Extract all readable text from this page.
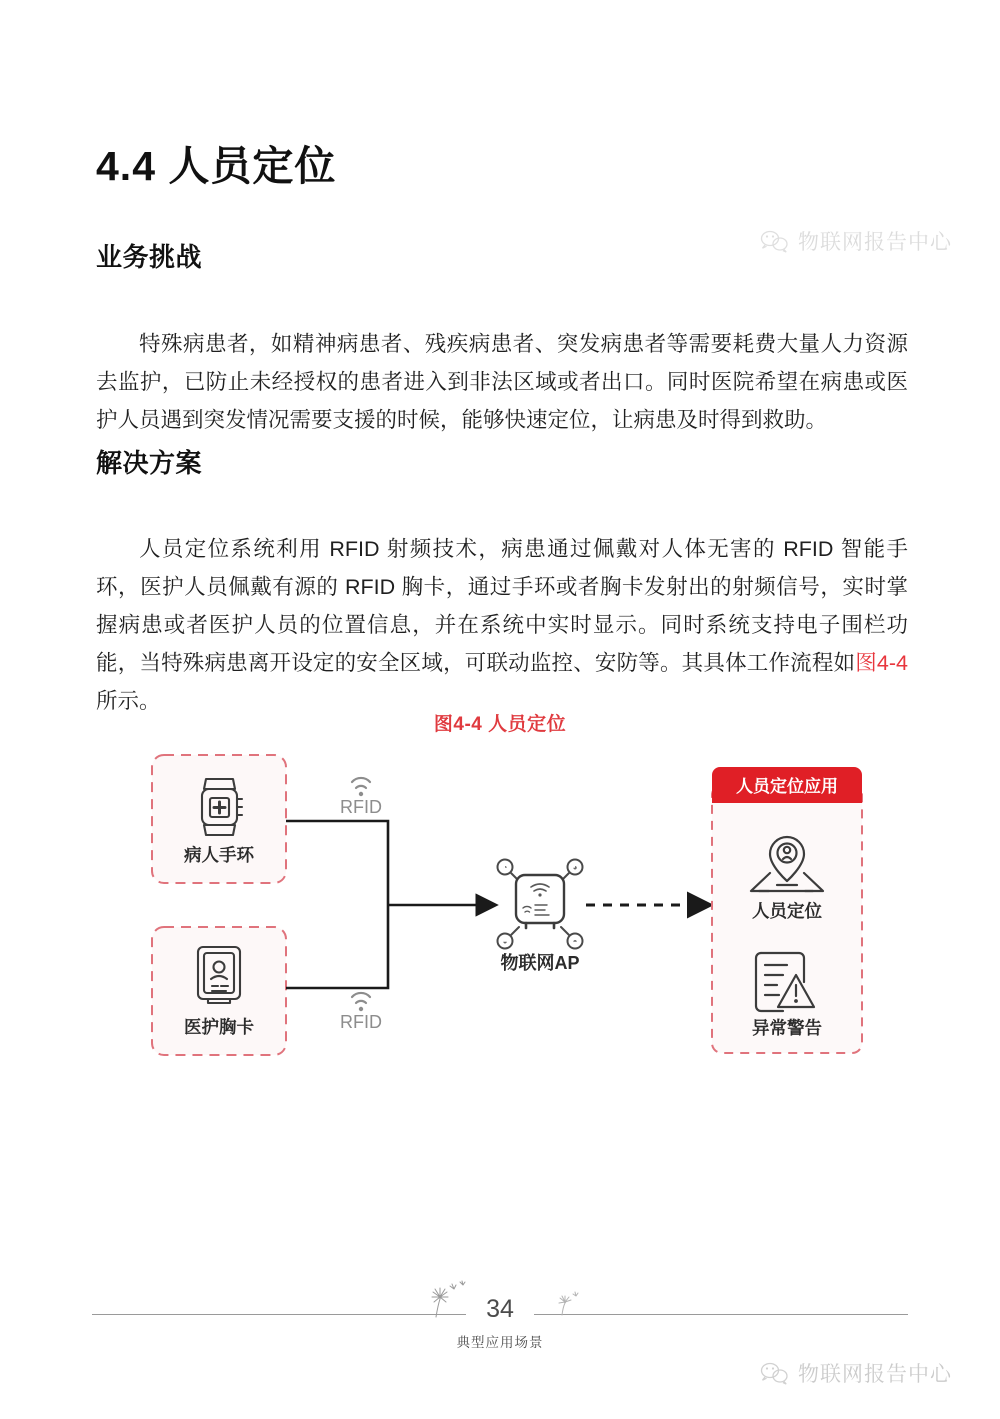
4.4 人员定位
业务挑战

特殊病患者，如精神病患者、残疾病患者、突发病患者等需要耗费大量人力资源去监护，已防止未经授权的患者进入到非法区域或者出口。同时医院希望在病患或医护人员遇到突发情况需要支援的时候，能够快速定位，让病患及时得到救助。

解决方案

人员定位系统利用 RFID 射频技术，病患通过佩戴对人体无害的 RFID 智能手环，医护人员佩戴有源的 RFID 胸卡，通过手环或者胸卡发射出的射频信号，实时掌握病患或者医护人员的位置信息，并在系统中实时显示。同时系统支持电子围栏功能，当特殊病患离开设定的安全区域，可联动监控、安防等。其具体工作流程如图4-4所示。

图4-4 人员定位
病人手环
医护胸卡
RFID
RFID
◔	◕
◒	◓
物联网AP
人员定位应用
人员定位
异常警告
34
典型应用场景
物联网报告中心
物联网报告中心
